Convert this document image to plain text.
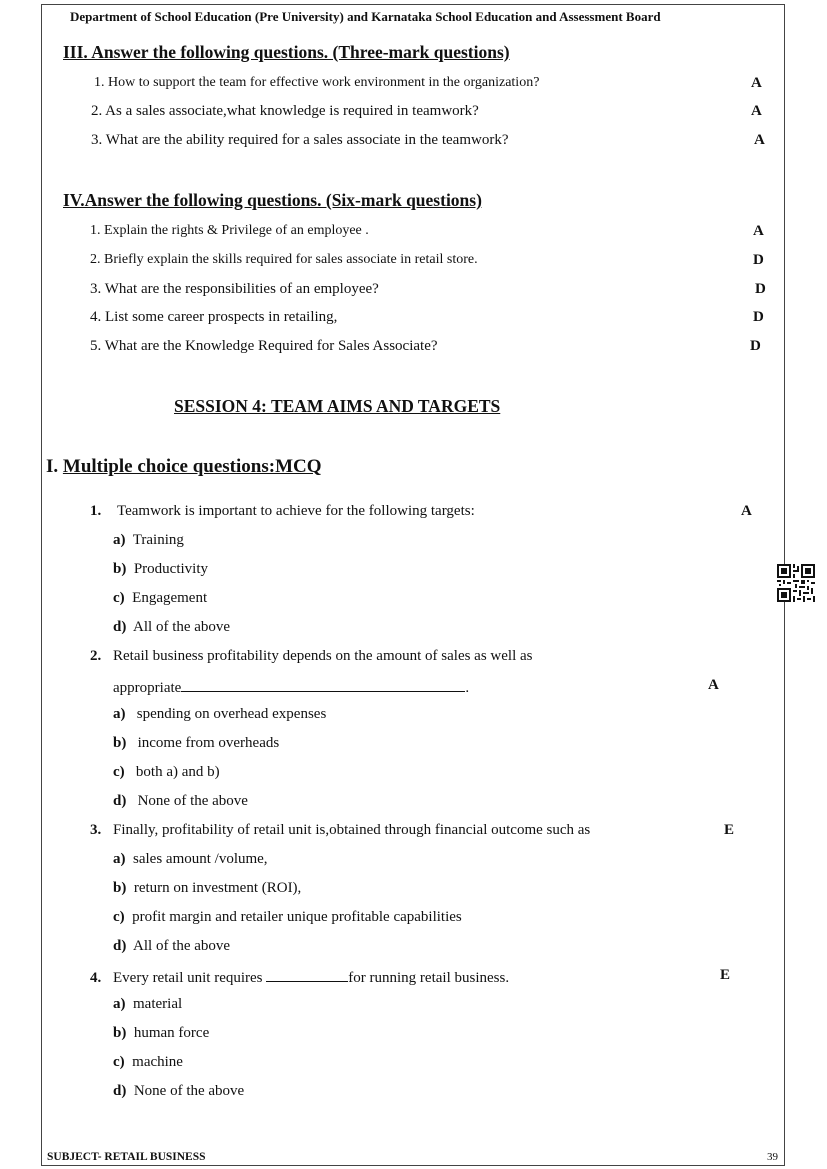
Department of School Education (Pre University) and Karnataka School Education and Assessment Board
III. Answer the following questions. (Three-mark questions)
1. How to support the team for effective work environment in the organization?	A
2. As a sales associate,what knowledge is required in teamwork?	A
3. What are the ability required for a sales associate in the teamwork?	A
IV.Answer the following questions. (Six-mark questions)
1. Explain the rights & Privilege of an employee .	A
2. Briefly explain the skills required for sales associate in retail store.	D
3. What are the responsibilities of an employee?	D
4. List some career prospects in retailing,	D
5. What are the Knowledge Required for Sales Associate?	D
SESSION 4: TEAM AIMS AND TARGETS
I. Multiple choice questions:MCQ
1. Teamwork is important to achieve for the following targets:	A
a) Training
b) Productivity
c) Engagement
d) All of the above
2. Retail business profitability depends on the amount of sales as well as
appropriate	.	A
a) spending on overhead expenses
b) income from overheads
c) both a) and b)
d) None of the above
3. Finally, profitability of retail unit is,obtained through financial outcome such as	E
a) sales amount /volume,
b) return on investment (ROI),
c) profit margin and retailer unique profitable capabilities
d) All of the above
4. Every retail unit requires	for running retail business.	E
a) material
b) human force
c) machine
d) None of the above
SUBJECT- RETAIL BUSINESS	39
